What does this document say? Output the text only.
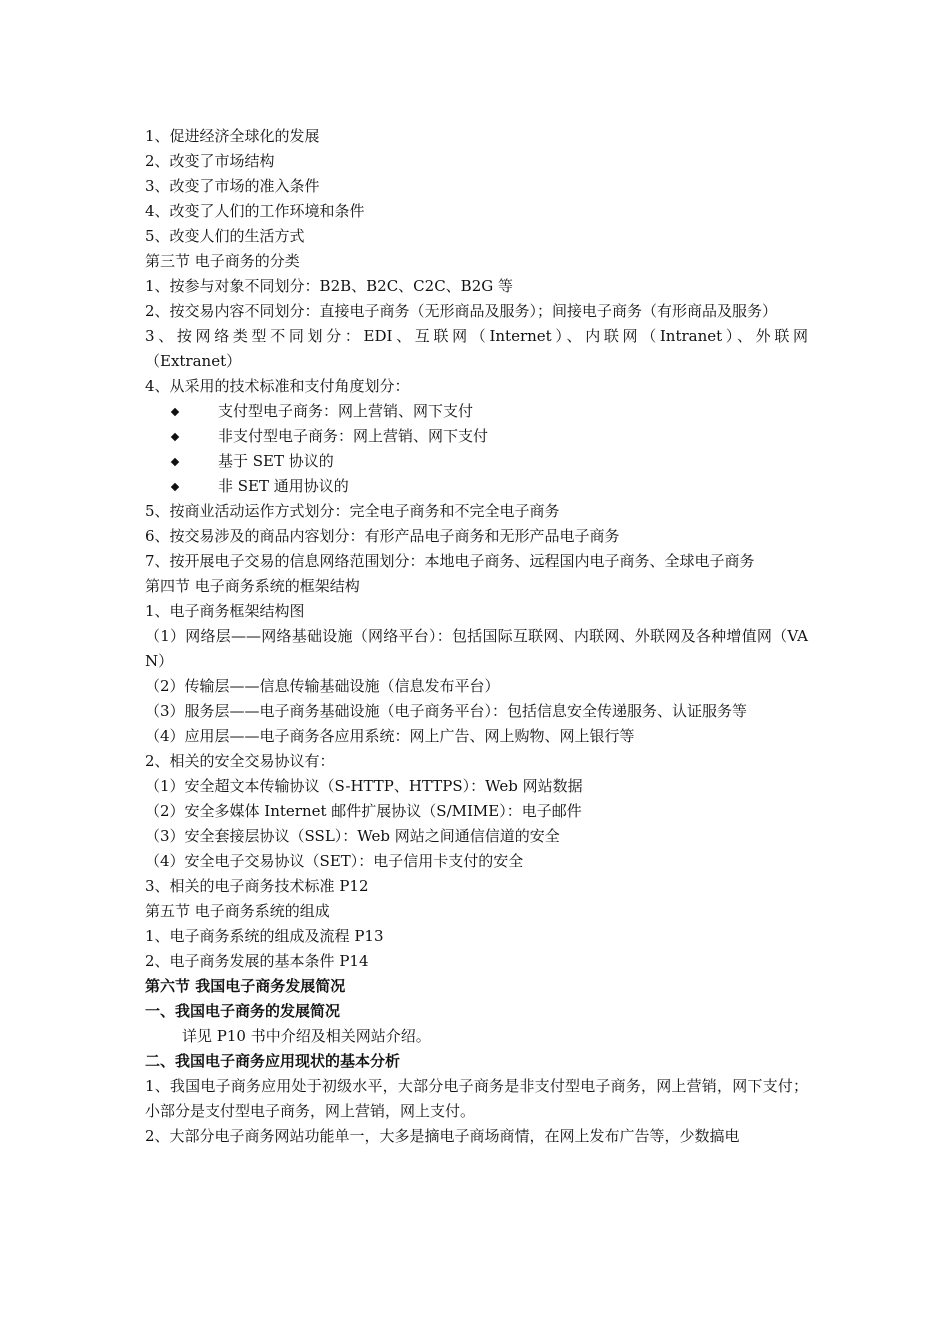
1、促进经济全球化的发展
2、改变了市场结构
3、改变了市场的准入条件
4、改变了人们的工作环境和条件
5、改变人们的生活方式
第三节 电子商务的分类
1、按参与对象不同划分：B2B、B2C、C2C、B2G 等
2、按交易内容不同划分：直接电子商务（无形商品及服务）；间接电子商务（有形商品及服务）
3、按网络类型不同划分：EDI、互联网（Internet）、内联网（Intranet）、外联网
（Extranet）
4、从采用的技术标准和支付角度划分：
支付型电子商务：网上营销、网下支付
非支付型电子商务：网上营销、网下支付
基于 SET 协议的
非 SET 通用协议的
5、按商业活动运作方式划分：完全电子商务和不完全电子商务
6、按交易涉及的商品内容划分：有形产品电子商务和无形产品电子商务
7、按开展电子交易的信息网络范围划分：本地电子商务、远程国内电子商务、全球电子商务
第四节 电子商务系统的框架结构
1、电子商务框架结构图
（1）网络层——网络基础设施（网络平台）：包括国际互联网、内联网、外联网及各种增值网（VAN）
（2）传输层——信息传输基础设施（信息发布平台）
（3）服务层——电子商务基础设施（电子商务平台）：包括信息安全传递服务、认证服务等
（4）应用层——电子商务各应用系统：网上广告、网上购物、网上银行等
2、相关的安全交易协议有：
（1）安全超文本传输协议（S-HTTP、HTTPS）：Web 网站数据
（2）安全多媒体 Internet 邮件扩展协议（S/MIME）：电子邮件
（3）安全套接层协议（SSL）：Web 网站之间通信信道的安全
（4）安全电子交易协议（SET）：电子信用卡支付的安全
3、相关的电子商务技术标准 P12
第五节 电子商务系统的组成
1、电子商务系统的组成及流程 P13
2、电子商务发展的基本条件 P14
第六节 我国电子商务发展简况
一、我国电子商务的发展简况
详见 P10 书中介绍及相关网站介绍。
二、我国电子商务应用现状的基本分析
1、我国电子商务应用处于初级水平，大部分电子商务是非支付型电子商务，网上营销，网下支付；小部分是支付型电子商务，网上营销，网上支付。
2、大部分电子商务网站功能单一，大多是摘电子商场商情，在网上发布广告等，少数搞电
